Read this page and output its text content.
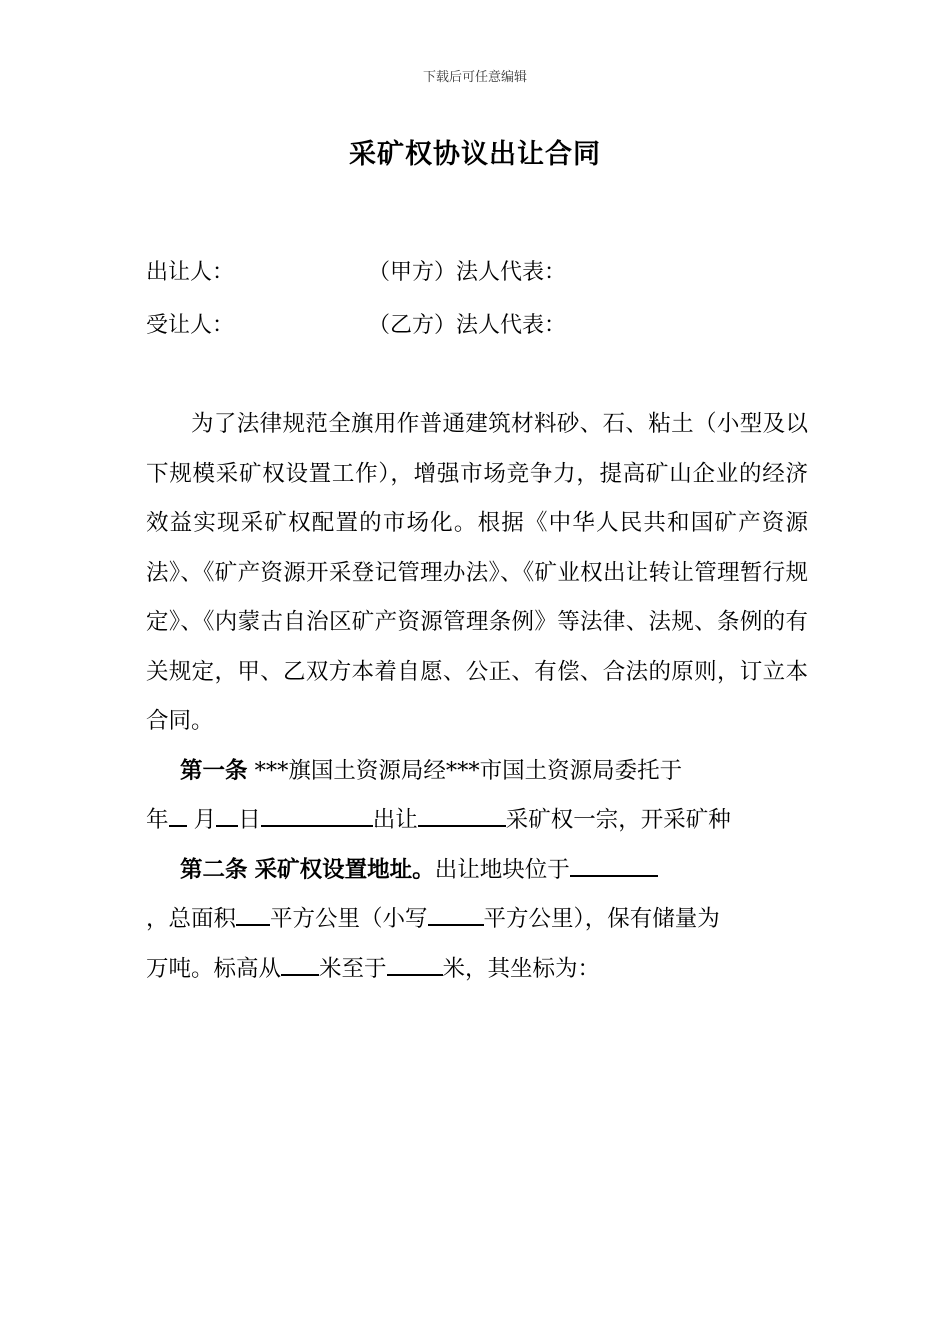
下载后可任意编辑
采矿权协议出让合同
出让人：	（甲方）法人代表：
受让人：	（乙方）法人代表：

为了法律规范全旗用作普通建筑材料砂、石、粘土（小型及以下规模采矿权设置工作），增强市场竞争力，提高矿山企业的经济效益实现采矿权配置的市场化。根据《中华人民共和国矿产资源法》、《矿产资源开采登记管理办法》、《矿业权出让转让管理暂行规定》、《内蒙古自治区矿产资源管理条例》等法律、法规、条例的有关规定，甲、乙双方本着自愿、公正、有偿、合法的原则，订立本合同。

第一条 ***旗国土资源局经***市国土资源局委托于

年 月 日	出让	采矿权一宗，开采矿种

第二条 采矿权设置地址。出让地块位于

，总面积 平方公里（小写 平方公里），保有储量为

万吨。标高从 米至于 米，其坐标为：
